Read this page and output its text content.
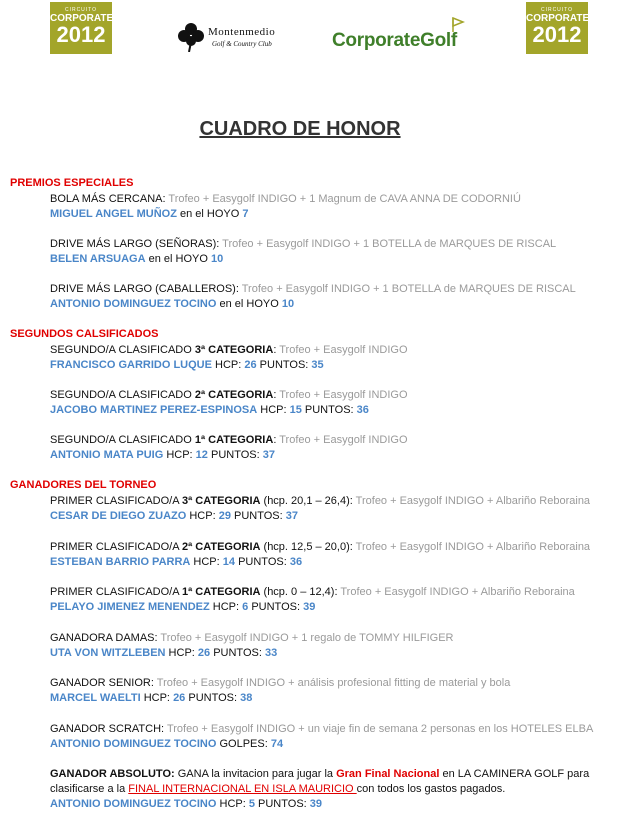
CIRCUITO
CORPORATE
2012	Montenmedio
Golf & Country Club	CorporateGolf
CIRCUITO
CORPORATE
2012
CUADRO DE HONOR
PREMIOS ESPECIALES
BOLA MÁS CERCANA: Trofeo + Easygolf INDIGO + 1 Magnum de CAVA ANNA DE CODORNIÚ
MIGUEL ANGEL MUÑOZ en el HOYO 7
DRIVE MÁS LARGO (SEÑORAS): Trofeo + Easygolf INDIGO + 1 BOTELLA de MARQUES DE RISCAL
BELEN ARSUAGA en el HOYO 10
DRIVE MÁS LARGO (CABALLEROS): Trofeo + Easygolf INDIGO + 1 BOTELLA de MARQUES DE RISCAL
ANTONIO DOMINGUEZ TOCINO en el HOYO 10
SEGUNDOS CALSIFICADOS
SEGUNDO/A CLASIFICADO 3ª CATEGORIA: Trofeo + Easygolf INDIGO
FRANCISCO GARRIDO LUQUE HCP: 26 PUNTOS: 35
SEGUNDO/A CLASIFICADO 2ª CATEGORIA: Trofeo + Easygolf INDIGO
JACOBO MARTINEZ PEREZ-ESPINOSA HCP: 15 PUNTOS: 36
SEGUNDO/A CLASIFICADO 1ª CATEGORIA: Trofeo + Easygolf INDIGO
ANTONIO MATA PUIG HCP: 12 PUNTOS: 37
GANADORES DEL TORNEO
PRIMER CLASIFICADO/A 3ª CATEGORIA (hcp. 20,1 – 26,4): Trofeo + Easygolf INDIGO + Albariño Reboraina
CESAR DE DIEGO ZUAZO HCP: 29 PUNTOS: 37
PRIMER CLASIFICADO/A 2ª CATEGORIA (hcp. 12,5 – 20,0): Trofeo + Easygolf INDIGO + Albariño Reboraina
ESTEBAN BARRIO PARRA HCP: 14 PUNTOS: 36
PRIMER CLASIFICADO/A 1ª CATEGORIA (hcp. 0 – 12,4): Trofeo + Easygolf INDIGO + Albariño Reboraina
PELAYO JIMENEZ MENENDEZ HCP: 6 PUNTOS: 39
GANADORA DAMAS: Trofeo + Easygolf INDIGO + 1 regalo de TOMMY HILFIGER
UTA VON WITZLEBEN HCP: 26 PUNTOS: 33
GANADOR SENIOR: Trofeo + Easygolf INDIGO + análisis profesional fitting de material y bola
MARCEL WAELTI HCP: 26 PUNTOS: 38
GANADOR SCRATCH: Trofeo + Easygolf INDIGO + un viaje fin de semana 2 personas en los HOTELES ELBA
ANTONIO DOMINGUEZ TOCINO GOLPES: 74
GANADOR ABSOLUTO: GANA la invitacion para jugar la Gran Final Nacional en LA CAMINERA GOLF para
clasificarse a la FINAL INTERNACIONAL EN ISLA MAURICIO con todos los gastos pagados.
ANTONIO DOMINGUEZ TOCINO HCP: 5 PUNTOS: 39
